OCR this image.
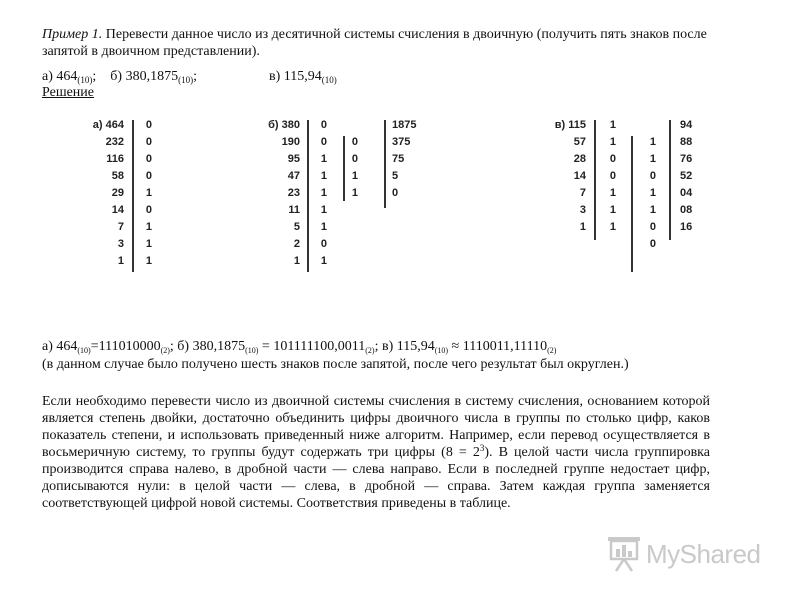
Пример 1. Перевести данное число из десятичной системы счисления в двоичную (получить пять знаков после запятой в двоичном представлении).

а) $464_{(10)}$; б) $380,1875_{(10)}$;	в) $115,94_{(10)}$

Решение

а) 464
232
116
58
29
14
7
3
1
0
0
0
0
1
0
1
1
1
б) 380
190
95
47
23
11
5
2
1
0
0
1
1
1
1
1
0
1
0
0
1
1
1875
375
75
5
0
в) 115
57
28
14
7
3
1
1
1
0
0
1
1
1
1
1
0
1
1
0
0
94
88
76
52
04
08
16

а) $464_{(10)}=111010000_{(2)}$; б) $380,1875_{(10)} = 101111100,0011_{(2)}$; в) $115,94_{(10)} \approx 1110011,11110_{(2)}$

(в данном случае было получено шесть знаков после запятой, после чего результат был округлен.)

Если необходимо перевести число из двоичной системы счисления в систему счисления, основанием которой является степень двойки, достаточно объединить цифры двоичного числа в группы по столько цифр, каков показатель степени, и использовать приведенный ниже алгоритм. Например, если перевод осуществляется в восьмеричную систему, то группы будут содержать три цифры $(8 = 2^3)$. В целой части числа группировка производится справа налево, в дробной части — слева направо. Если в последней группе недостает цифр, дописываются нули: в целой части — слева, в дробной — справа. Затем каждая группа заменяется соответствующей цифрой новой системы. Соответствия приведены в таблице.

MyShared
